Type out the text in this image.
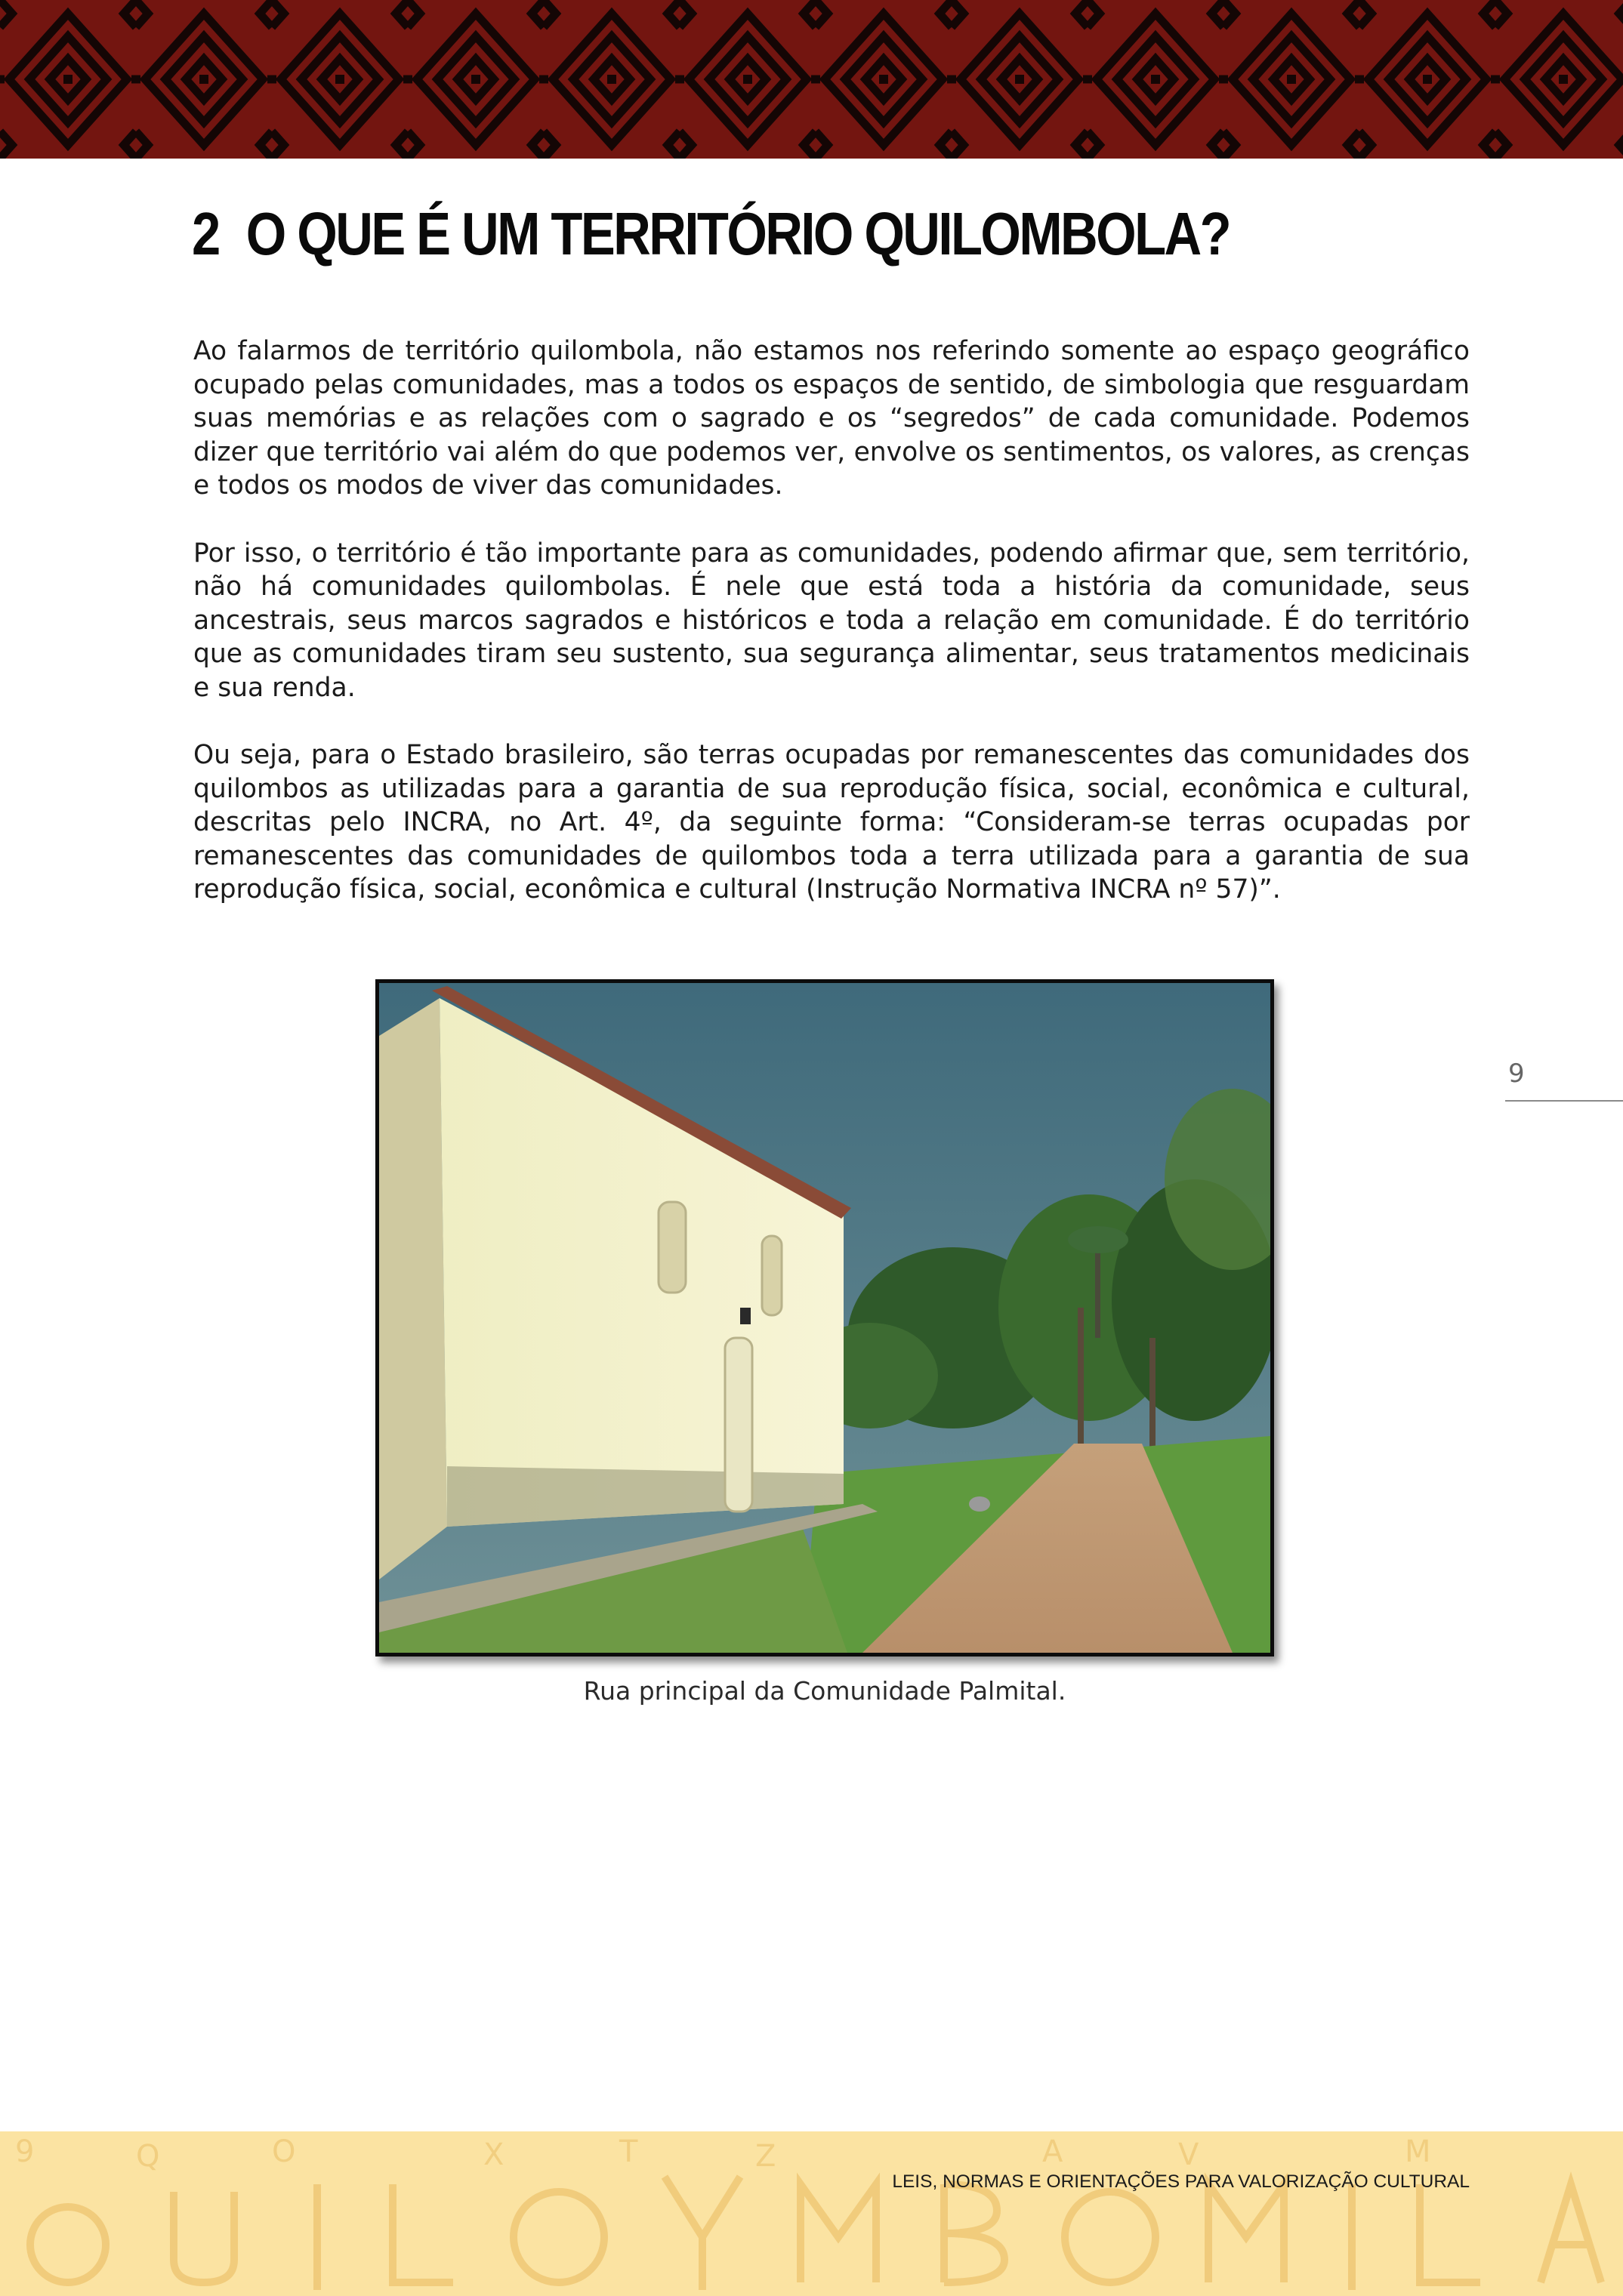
2 O QUE É UM TERRITÓRIO QUILOMBOLA?

Ao falarmos de território quilombola, não estamos nos referindo somente ao espaço geográfico ocupado pelas comunidades, mas a todos os espaços de sentido, de simbologia que resguardam suas memórias e as relações com o sagrado e os “segredos” de cada comunidade. Podemos dizer que território vai além do que podemos ver, envolve os sentimentos, os valores, as crenças e todos os modos de viver das comunidades.

Por isso, o território é tão importante para as comunidades, podendo afirmar que, sem território, não há comunidades quilombolas. É nele que está toda a história da comunidade, seus ancestrais, seus marcos sagrados e históricos e toda a relação em comunidade. É do território que as comunidades tiram seu sustento, sua segurança alimentar, seus tratamentos medicinais e sua renda.

Ou seja, para o Estado brasileiro, são terras ocupadas por remanescentes das comunidades dos quilombos as utilizadas para a garantia de sua reprodução física, social, econômica e cultural, descritas pelo INCRA, no Art. 4º, da seguinte forma: “Consideram-se terras ocupadas por remanescentes das comunidades de quilombos toda a terra utilizada para a garantia de sua reprodução física, social, econômica e cultural (Instrução Normativa INCRA nº 57)”.

Rua principal da Comunidade Palmital.
9
9	Q	O	X	T	Z	A	V	M
LEIS, NORMAS E ORIENTAÇÕES PARA VALORIZAÇÃO CULTURAL
